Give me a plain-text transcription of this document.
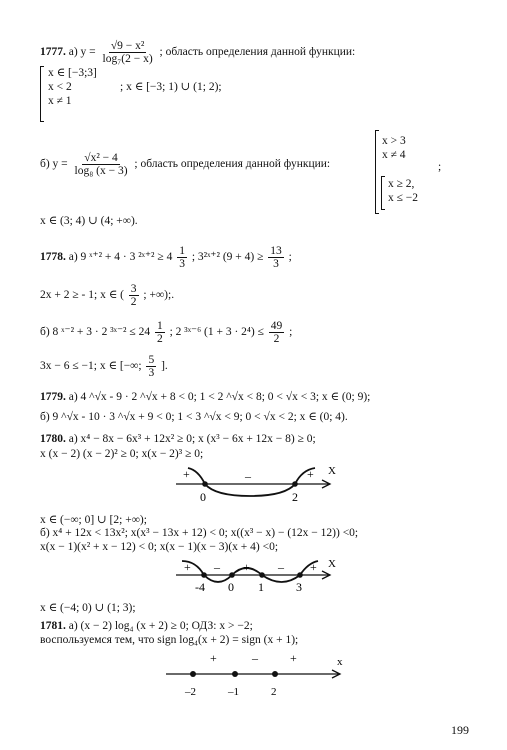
1777. а) $y = \frac{\text{√9 − x²}}{\text{log₇(2 − x)}}$ ; область определения данной функции:
x ∈ [−3;3]
x < 2
x ≠ 1
; x ∈ [−3; 1) ∪ (1; 2);
б) $y = \frac{\text{√x² − 4}}{\text{log₈ (x − 3)}}$ ; область определения данной функции:
x > 3
x ≠ 4
;
x ≥ 2,
x ≤ −2
x ∈ (3; 4) ∪ (4; +∞).
1778. а) 9 ˣ⁺² + 4 · 3 ²ˣ⁺² ≥ $4 \frac{1}{3}$ ; 3²ˣ⁺² $(9 + 4) \ge \frac{13}{3}$ ;
2x + 2 ≥ - 1; x ∈ ( $\frac{3}{2}$ ; +∞);.
б) 8 ˣ⁻² + 3 · 2 ³ˣ⁻² ≤ $24 \frac{1}{2}$ ; 2 ³ˣ⁻⁶ $(1 + 3 \cdot 2^4) \le \frac{49}{2}$ ;
3x − 6 ≤ −1; x ∈ [−∞; $\frac{5}{3}$ ].
1779. а) 4 ^√x - 9 · 2 ^√x + 8 < 0; 1 < 2 ^√x < 8; 0 < √x < 3; x ∈ (0; 9);
б) 9 ^√x - 10 · 3 ^√x + 9 < 0; 1 < 3 ^√x < 9; 0 < √x < 2; x ∈ (0; 4).
1780. а) x⁴ − 8x − 6x³ + 12x² ≥ 0; x (x³ − 6x + 12x − 8) ≥ 0;
x (x − 2) (x − 2)² ≥ 0; x(x − 2)³ ≥ 0;
+	–	+ X
0	2
x ∈ (−∞; 0] ∪ [2; +∞);
б) x⁴ + 12x < 13x²; x(x³ − 13x + 12) < 0; x((x³ − x) − (12x − 12)) <0;
x(x − 1)(x² + x − 12) < 0; x(x − 1)(x − 3)(x + 4) <0;
+ – + – + X
-4 0 1	3
x ∈ (−4; 0) ∪ (1; 3);
1781. а) (x − 2) log₄ (x + 2) ≥ 0; ОДЗ: x > −2;
воспользуемся тем, что sign log₄(x + 2) = sign (x + 1);
+	–	+	x
–2	–1	2
199
